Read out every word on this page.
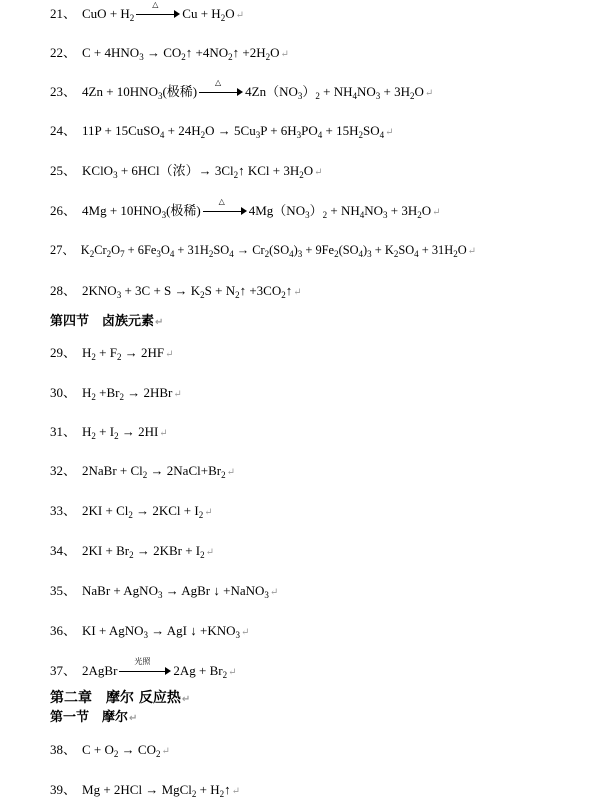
21、 CuO + $H_2$
△
$Cu + H_2O↵$
22、 $C + 4HNO_3$ → $CO_2↑$ $+4NO_2↑$ $+2H_2O↵$
23、 $4Zn + 10HNO_3$(极稀)
△
$4Zn(NO_3)_2 + NH_4NO_3$ + $3H_2O↵$
24、 11P + 15CuSO$_4$ + $24H_2O \to 5Cu_3P + 6H_3PO_4$ + $15H_2SO_4↵$
25、 KClO$_3$ + 6HCl（浓）→ $3Cl_2↑$ KCl + $3H_2O↵$
26、 $4Mg + 10HNO_3$(极稀)
△
$4Mg(NO_3)_2 + NH_4NO_3$ + $3H_2O↵$
27、 $K_2Cr_2O_7 + 6Fe_3O_4 + 31H_2SO_4 \to Cr_2(SO_4)_3 + 9Fe_2(SO_4)_3 + K_2SO_4$ + $31H_2O↵$
28、 $2KNO_3 + 3C + S \to K_2S$ + $N_2↑$ $+3CO_2↑↵$
第四节　卤族元素↵
29、 $H_2 + F_2$ → 2HF↵
30、 $H_2 +Br_2$ → 2HBr↵
31、 $H_2 + I_2$ → 2HI↵
32、 2NaBr + $Cl_2$ → $2NaCl+Br_2↵$
33、 $2KI + Cl_2 \to 2KCl$ + $I_2↵$
34、 $2KI + Br_2 \to 2KBr$ + $I_2↵$
35、 NaBr + AgNO$_3$ → AgBr ↓ +NaNO$_3$↵
36、 KI + AgNO$_3$ → AgI ↓ $+KNO_3↵$
37、 2AgBr
光照
$2Ag + Br_2↵$
第二章　摩尔 反应热↵
第一节　摩尔↵
38、 $C + O_2$ → $CO_2↵$
39、 Mg + 2HCl → MgCl$_2$ + $H_2↑↵$
